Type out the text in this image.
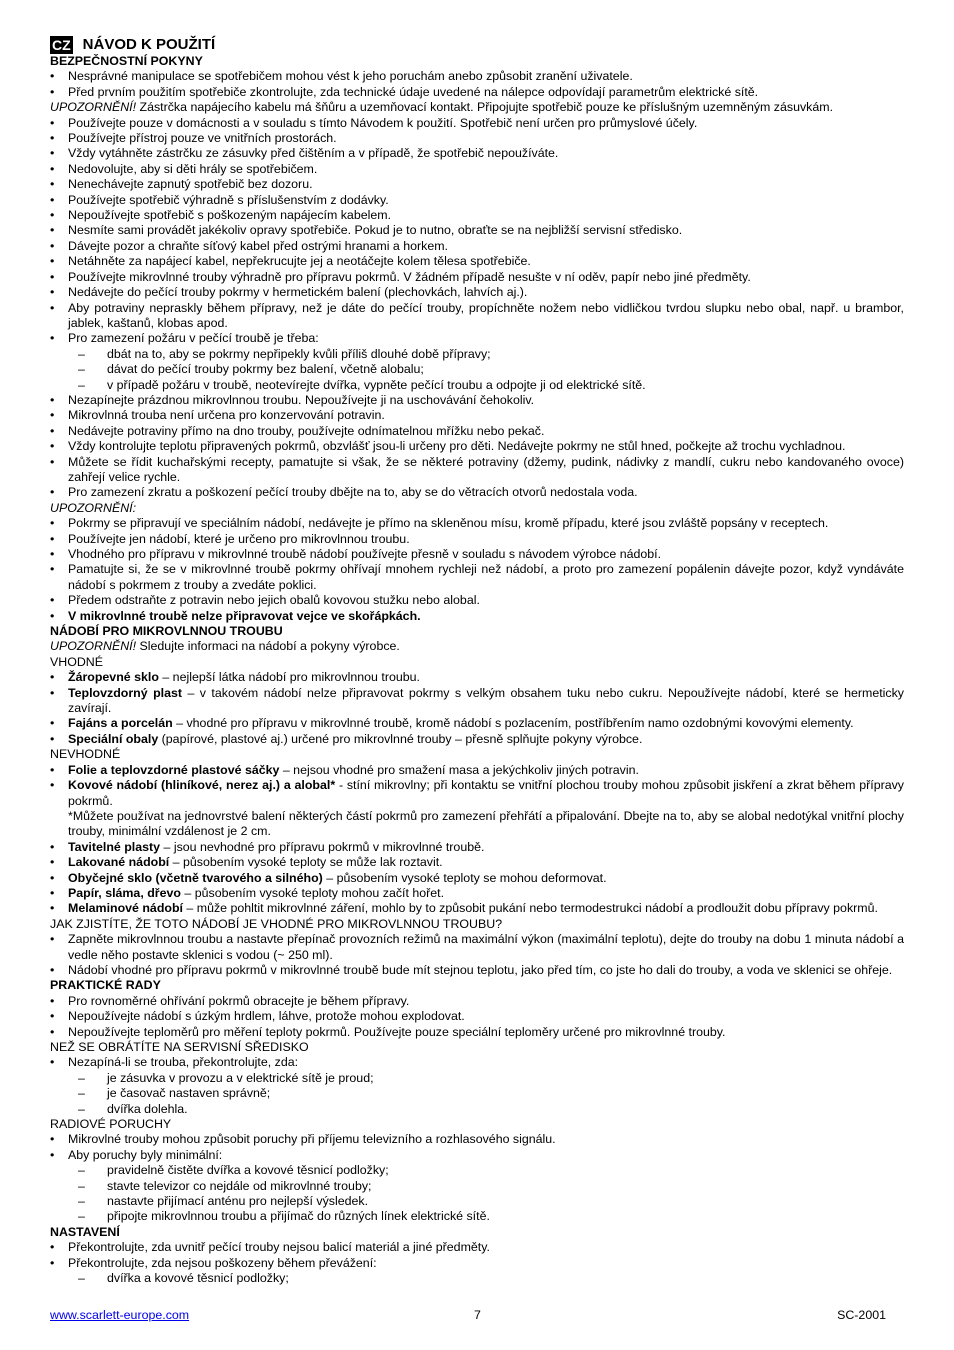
CZ NÁVOD K POUŽITÍ
BEZPEČNOSTNÍ POKYNY
• Nesprávné manipulace se spotřebičem mohou vést k jeho poruchám anebo způsobit zranění uživatele.
• Před prvním použitím spotřebiče zkontrolujte, zda technické údaje uvedené na nálepce odpovídají parametrům elektrické sítě.
UPOZORNĚNÍ! Zástrčka napájecího kabelu má šňůru a uzemňovací kontakt. Připojujte spotřebič pouze ke příslušným uzemněným zásuvkám.
• Používejte pouze v domácnosti a v souladu s tímto Návodem k použití. Spotřebič není určen pro průmyslové účely.
• Používejte přístroj pouze ve vnitřních prostorách.
• Vždy vytáhněte zástrčku ze zásuvky před čištěním a v případě, že spotřebič nepoužíváte.
• Nedovolujte, aby si děti hrály se spotřebičem.
• Nenechávejte zapnutý spotřebič bez dozoru.
• Používejte spotřebič výhradně s příslušenstvím z dodávky.
• Nepoužívejte spotřebič s poškozeným napájecím kabelem.
• Nesmíte sami provádět jakékoliv opravy spotřebiče. Pokud je to nutno, obraťte se na nejbližší servisní středisko.
• Dávejte pozor a chraňte síťový kabel před ostrými hranami a horkem.
• Netáhněte za napájecí kabel, nepřekrucujte jej a neotáčejte kolem tělesa spotřebiče.
• Používejte mikrovlnné trouby výhradně pro přípravu pokrmů. V žádném případě nesušte v ní oděv, papír nebo jiné předměty.
• Nedávejte do pečící trouby pokrmy v hermetickém balení (plechovkách, lahvích aj.).
• Aby potraviny nepraskly během přípravy, než je dáte do pečící trouby, propíchněte nožem nebo vidličkou tvrdou slupku nebo obal, např. u brambor, jablek, kaštanů, klobas apod.
• Pro zamezení požáru v pečící troubě je třeba:
– dbát na to, aby se pokrmy nepřipekly kvůli příliš dlouhé době přípravy;
– dávat do pečící trouby pokrmy bez balení, včetně alobalu;
– v případě požáru v troubě, neotevírejte dvířka, vypněte pečící troubu a odpojte ji od elektrické sítě.
• Nezapínejte prázdnou mikrovlnnou troubu. Nepoužívejte ji na uschovávání čehokoliv.
• Mikrovlnná trouba není určena pro konzervování potravin.
• Nedávejte potraviny přímo na dno trouby, používejte odnímatelnou mřížku nebo pekač.
• Vždy kontrolujte teplotu připravených pokrmů, obzvlášť jsou-li určeny pro děti. Nedávejte pokrmy ne stůl hned, počkejte až trochu vychladnou.
• Můžete se řídit kuchařskými recepty, pamatujte si však, že se některé potraviny (džemy, pudink, nádivky z mandlí, cukru nebo kandovaného ovoce) zahřejí velice rychle.
• Pro zamezení zkratu a poškození pečící trouby dbějte na to, aby se do větracích otvorů nedostala voda.
UPOZORNĚNÍ:
• Pokrmy se připravují ve speciálním nádobí, nedávejte je přímo na skleněnou mísu, kromě případu, které jsou zvláště popsány v receptech.
• Používejte jen nádobí, které je určeno pro mikrovlnnou troubu.
• Vhodného pro přípravu v mikrovlnné troubě nádobí používejte přesně v souladu s návodem výrobce nádobí.
• Pamatujte si, že se v mikrovlnné troubě pokrmy ohřívají mnohem rychleji než nádobí, a proto pro zamezení popálenin dávejte pozor, když vyndáváte nádobí s pokrmem z trouby a zvedáte poklici.
• Předem odstraňte z potravin nebo jejich obalů kovovou stužku nebo alobal.
• V mikrovlnné troubě nelze připravovat vejce ve skořápkách.
NÁDOBÍ PRO MIKROVLNNOU TROUBU
UPOZORNĚNÍ! Sledujte informaci na nádobí a pokyny výrobce.
VHODNÉ
• Žáropevné sklo – nejlepší látka nádobí pro mikrovlnnou troubu.
• Teplovzdorný plast – v takovém nádobí nelze připravovat pokrmy s velkým obsahem tuku nebo cukru. Nepoužívejte nádobí, které se hermeticky zavírají.
• Fajáns a porcelán – vhodné pro přípravu v mikrovlnné troubě, kromě nádobí s pozlacením, postříbřením namo ozdobnými kovovými elementy.
• Speciální obaly (papírové, plastové aj.) určené pro mikrovlnné trouby – přesně splňujte pokyny výrobce.
NEVHODNÉ
• Folie a teplovzdorné plastové sáčky – nejsou vhodné pro smažení masa a jekýchkoliv jiných potravin.
• Kovové nádobí (hliníkové, nerez aj.) a alobal* - stíní mikrovlny; při kontaktu se vnitřní plochou trouby mohou způsobit jiskření a zkrat během přípravy pokrmů.
*Můžete používat na jednovrstvé balení některých částí pokrmů pro zamezení přehřátí a připalování. Dbejte na to, aby se alobal nedotýkal vnitřní plochy trouby, minimální vzdálenost je 2 cm.
• Tavitelné plasty – jsou nevhodné pro přípravu pokrmů v mikrovlnné troubě.
• Lakované nádobí – působením vysoké teploty se může lak roztavit.
• Obyčejné sklo (včetně tvarového a silného) – působením vysoké teploty se mohou deformovat.
• Papír, sláma, dřevo – působením vysoké teploty mohou začít hořet.
• Melaminové nádobí – může pohltit mikrovlnné záření, mohlo by to způsobit pukání nebo termodestrukci nádobí a prodloužit dobu přípravy pokrmů.
JAK ZJISTÍTE, ŽE TOTO NÁDOBÍ JE VHODNÉ PRO MIKROVLNNOU TROUBU?
• Zapněte mikrovlnnou troubu a nastavte přepínač provozních režimů na maximální výkon (maximální teplotu), dejte do trouby na dobu 1 minuta nádobí a vedle něho postavte sklenici s vodou (~ 250 ml).
• Nádobí vhodné pro přípravu pokrmů v mikrovlnné troubě bude mít stejnou teplotu, jako před tím, co jste ho dali do trouby, a voda ve sklenici se ohřeje.
PRAKTICKÉ RADY
• Pro rovnoměrné ohřívání pokrmů obracejte je během přípravy.
• Nepoužívejte nádobí s úzkým hrdlem, láhve, protože mohou explodovat.
• Nepoužívejte teploměrů pro měření teploty pokrmů. Používejte pouze speciální teploměry určené pro mikrovlnné trouby.
NEŽ SE OBRÁTÍTE NA SERVISNÍ SŘEDISKO
• Nezapíná-li se trouba, překontrolujte, zda:
– je zásuvka v provozu a v elektrické sítě je proud;
– je časovač nastaven správně;
– dvířka dolehla.
RADIOVÉ PORUCHY
• Mikrovlné trouby mohou způsobit poruchy při příjemu televizního a rozhlasového signálu.
• Aby poruchy byly minimální:
– pravidelně čistěte dvířka a kovové těsnicí podložky;
– stavte televizor co nejdále od mikrovlnné trouby;
– nastavte přijímací anténu pro nejlepší výsledek.
– připojte mikrovlnnou troubu a přijímač do různých línek elektrické sítě.
NASTAVENÍ
• Překontrolujte, zda uvnitř pečící trouby nejsou balicí materiál a jiné předměty.
• Překontrolujte, zda nejsou poškozeny během převážení:
– dvířka a kovové těsnicí podložky;
www.scarlett-europe.com	7	SC-2001
